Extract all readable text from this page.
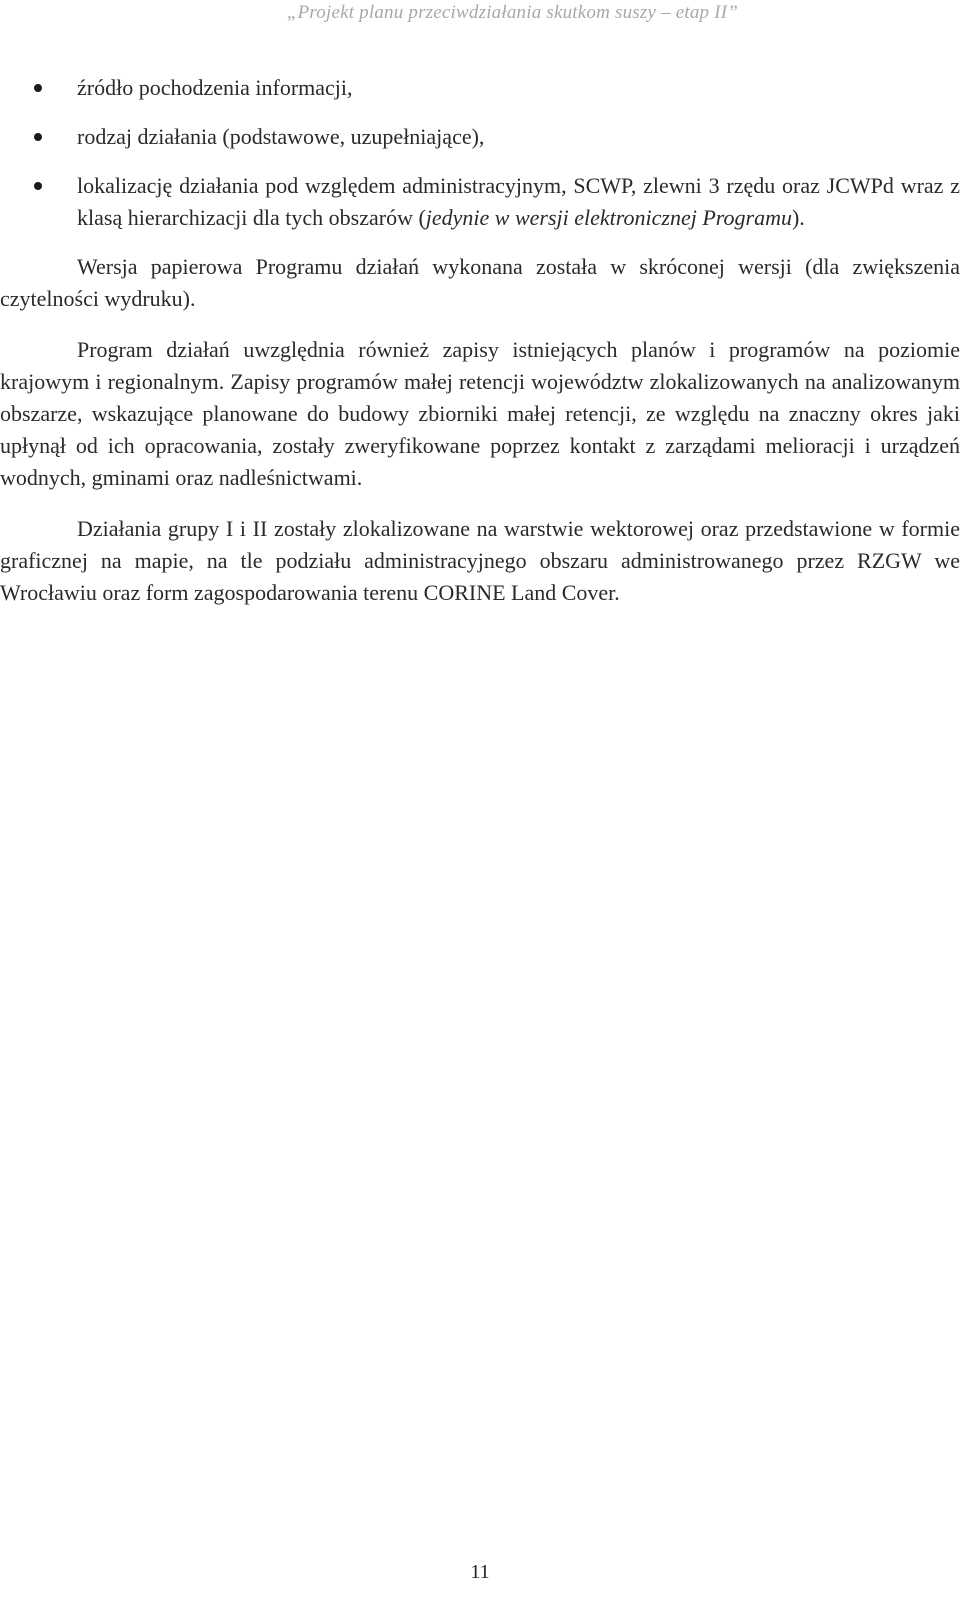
„Projekt planu przeciwdziałania skutkom suszy – etap II”
źródło pochodzenia informacji,
rodzaj działania (podstawowe, uzupełniające),
lokalizację działania pod względem administracyjnym, SCWP, zlewni 3 rzędu oraz JCWPd wraz z klasą hierarchizacji dla tych obszarów (jedynie w wersji elektronicznej Programu).

Wersja papierowa Programu działań wykonana została w skróconej wersji (dla zwiększenia czytelności wydruku).

Program działań uwzględnia również zapisy istniejących planów i programów na poziomie krajowym i regionalnym. Zapisy programów małej retencji województw zlokalizowanych na analizowanym obszarze, wskazujące planowane do budowy zbiorniki małej retencji, ze względu na znaczny okres jaki upłynął od ich opracowania, zostały zweryfikowane poprzez kontakt z zarządami melioracji i urządzeń wodnych, gminami oraz nadleśnictwami.

Działania grupy I i II zostały zlokalizowane na warstwie wektorowej oraz przedstawione w formie graficznej na mapie, na tle podziału administracyjnego obszaru administrowanego przez RZGW we Wrocławiu oraz form zagospodarowania terenu CORINE Land Cover.

11
